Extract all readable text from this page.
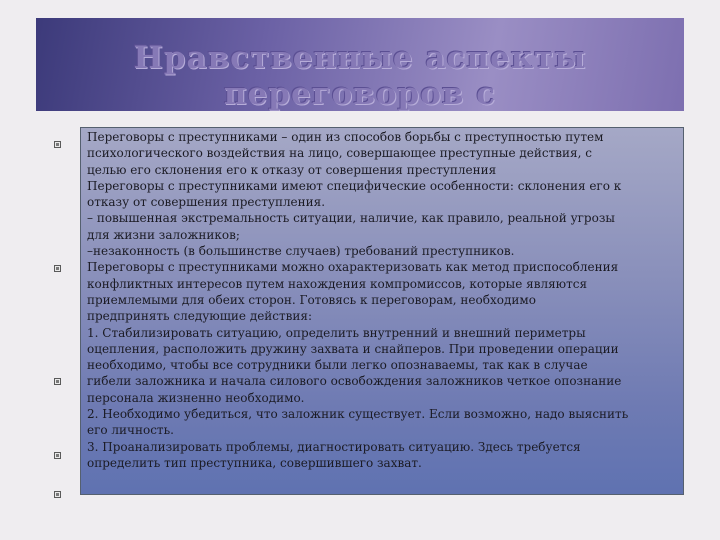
Нравственные аспекты переговоров с

Переговоры с преступниками – один из способов борьбы с преступностью путем
психологического воздействия на лицо, совершающее преступные действия, с
целью его склонения его к отказу от совершения преступления
Переговоры с преступниками имеют специфические особенности: склонения его к
отказу от совершения преступления.
– повышенная экстремальность ситуации, наличие, как правило, реальной угрозы
для жизни заложников;
–незаконность (в большинстве случаев) требований преступников.
Переговоры с преступниками можно охарактеризовать как метод приспособления
конфликтных интересов путем нахождения компромиссов, которые являются
приемлемыми для обеих сторон. Готовясь к переговорам, необходимо
предпринять следующие действия:
1. Стабилизировать ситуацию, определить внутренний и внешний периметры
оцепления, расположить дружину захвата и снайперов. При проведении операции
необходимо, чтобы все сотрудники были легко опознаваемы, так как в случае
гибели заложника и начала силового освобождения заложников четкое опознание
персонала жизненно необходимо.
2. Необходимо убедиться, что заложник существует. Если возможно, надо выяснить
его личность.
3. Проанализировать проблемы, диагностировать ситуацию. Здесь требуется
определить тип преступника, совершившего захват.
